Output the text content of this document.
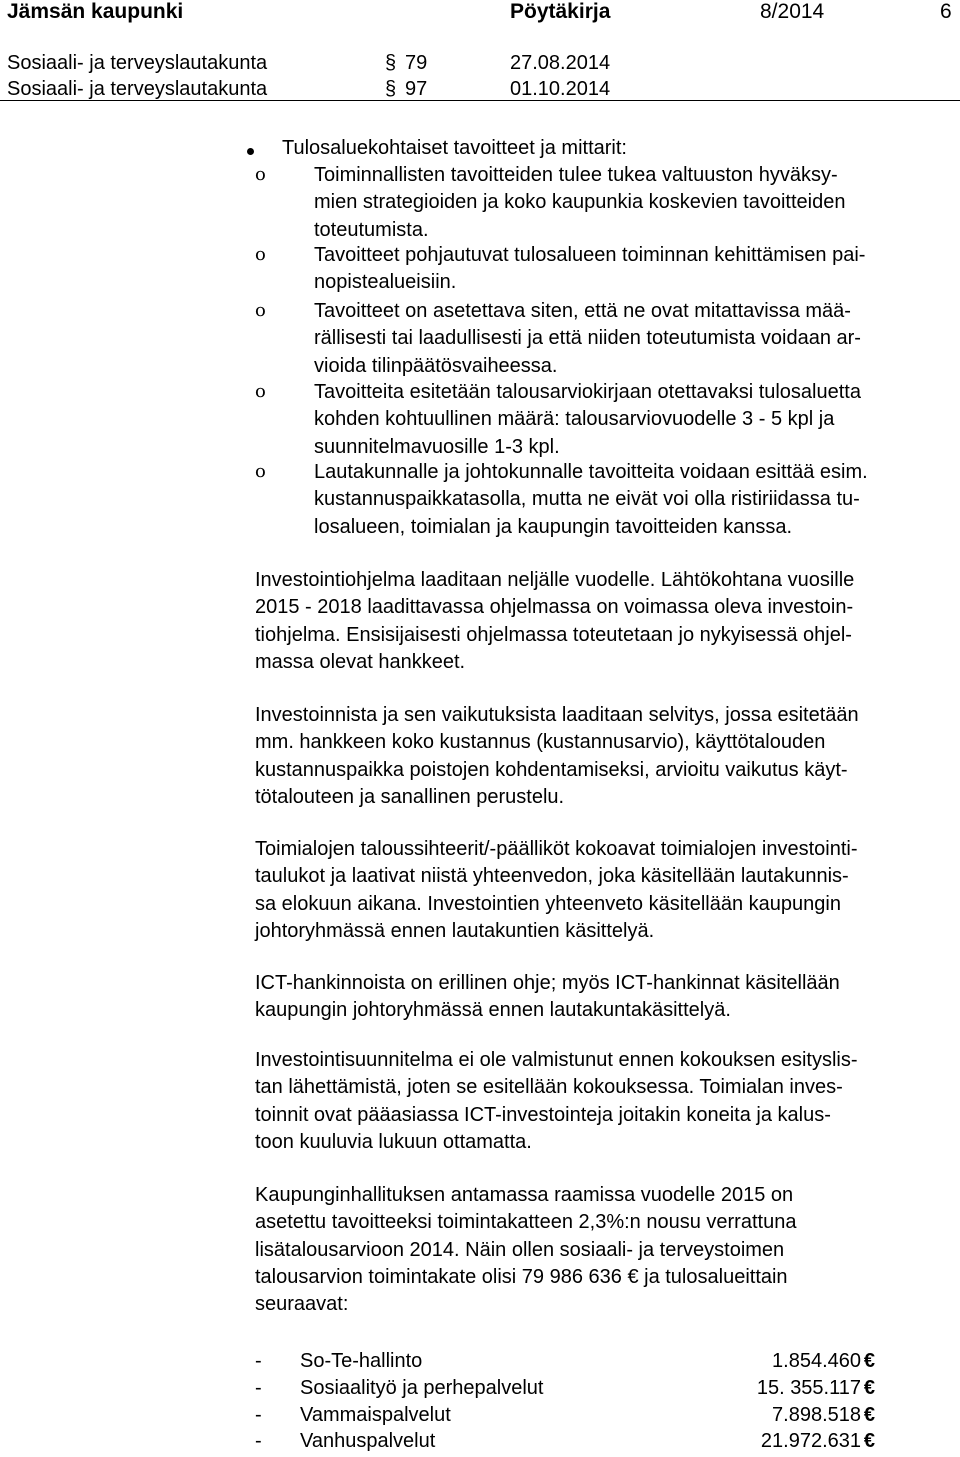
Jämsän kaupunki	Pöytäkirja	8/2014	6
Sosiaali- ja terveyslautakunta	§ 79	27.08.2014
Sosiaali- ja terveyslautakunta	§ 97	01.10.2014
Tulosaluekohtaiset tavoitteet ja mittarit:
o Toiminnallisten tavoitteiden tulee tukea valtuuston hyväksy-
mien strategioiden ja koko kaupunkia koskevien tavoitteiden
toteutumista.
o Tavoitteet pohjautuvat tulosalueen toiminnan kehittämisen pai-
nopistealueisiin.
o Tavoitteet on asetettava siten, että ne ovat mitattavissa mää-
rällisesti tai laadullisesti ja että niiden toteutumista voidaan ar-
vioida tilinpäätösvaiheessa.
o Tavoitteita esitetään talousarviokirjaan otettavaksi tulosaluetta
kohden kohtuullinen määrä: talousarviovuodelle 3 - 5 kpl ja
suunnitelmavuosille 1-3 kpl.
o Lautakunnalle ja johtokunnalle tavoitteita voidaan esittää esim.
kustannuspaikkatasolla, mutta ne eivät voi olla ristiriidassa tu-
losalueen, toimialan ja kaupungin tavoitteiden kanssa.
Investointiohjelma laaditaan neljälle vuodelle. Lähtökohtana vuosille
2015 - 2018 laadittavassa ohjelmassa on voimassa oleva investoin-
tiohjelma. Ensisijaisesti ohjelmassa toteutetaan jo nykyisessä ohjel-
massa olevat hankkeet.
Investoinnista ja sen vaikutuksista laaditaan selvitys, jossa esitetään
mm. hankkeen koko kustannus (kustannusarvio), käyttötalouden
kustannuspaikka poistojen kohdentamiseksi, arvioitu vaikutus käyt-
tötalouteen ja sanallinen perustelu.
Toimialojen taloussihteerit/-päälliköt kokoavat toimialojen investointi-
taulukot ja laativat niistä yhteenvedon, joka käsitellään lautakunnis-
sa elokuun aikana. Investointien yhteenveto käsitellään kaupungin
johtoryhmässä ennen lautakuntien käsittelyä.
ICT-hankinnoista on erillinen ohje; myös ICT-hankinnat käsitellään
kaupungin johtoryhmässä ennen lautakuntakäsittelyä.
Investointisuunnitelma ei ole valmistunut ennen kokouksen esityslis-
tan lähettämistä, joten se esitellään kokouksessa. Toimialan inves-
toinnit ovat pääasiassa ICT-investointeja joitakin koneita ja kalus-
toon kuuluvia lukuun ottamatta.
Kaupunginhallituksen antamassa raamissa vuodelle 2015 on
asetettu tavoitteeksi toimintakatteen 2,3%:n nousu verrattuna
lisätalousarvioon 2014. Näin ollen sosiaali- ja terveystoimen
talousarvion toimintakate olisi 79 986 636 € ja tulosalueittain
seuraavat:
- So-Te-hallinto	1.854.460 €
- Sosiaalityö ja perhepalvelut	15. 355.117 €
- Vammaispalvelut	7.898.518 €
- Vanhuspalvelut	21.972.631 €
